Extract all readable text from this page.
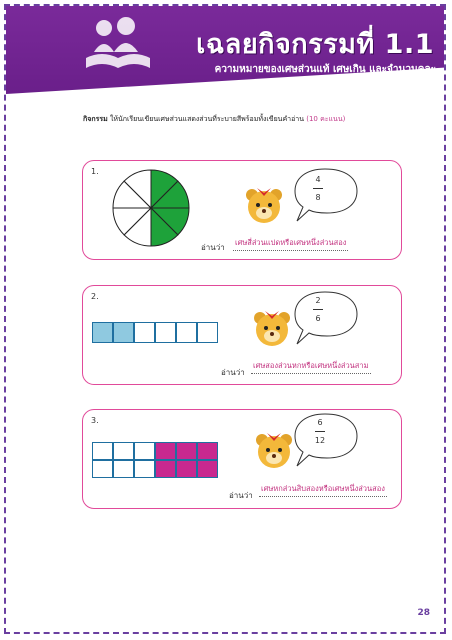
เฉลยกิจกรรมที่ 1.1
ความหมายของเศษส่วนแท้ เศษเกิน และจำนวนคละ
กิจกรรม ให้นักเรียนเขียนเศษส่วนแสดงส่วนที่ระบายสีพร้อมทั้งเขียนคำอ่าน (10 คะแนน)
1.
4
8
อ่านว่า
เศษสี่ส่วนแปดหรือเศษหนึ่งส่วนสอง
2.	2
6
อ่านว่า
เศษสองส่วนหกหรือเศษหนึ่งส่วนสาม
3.	6
12
อ่านว่า
เศษหกส่วนสิบสองหรือเศษหนึ่งส่วนสอง
28
